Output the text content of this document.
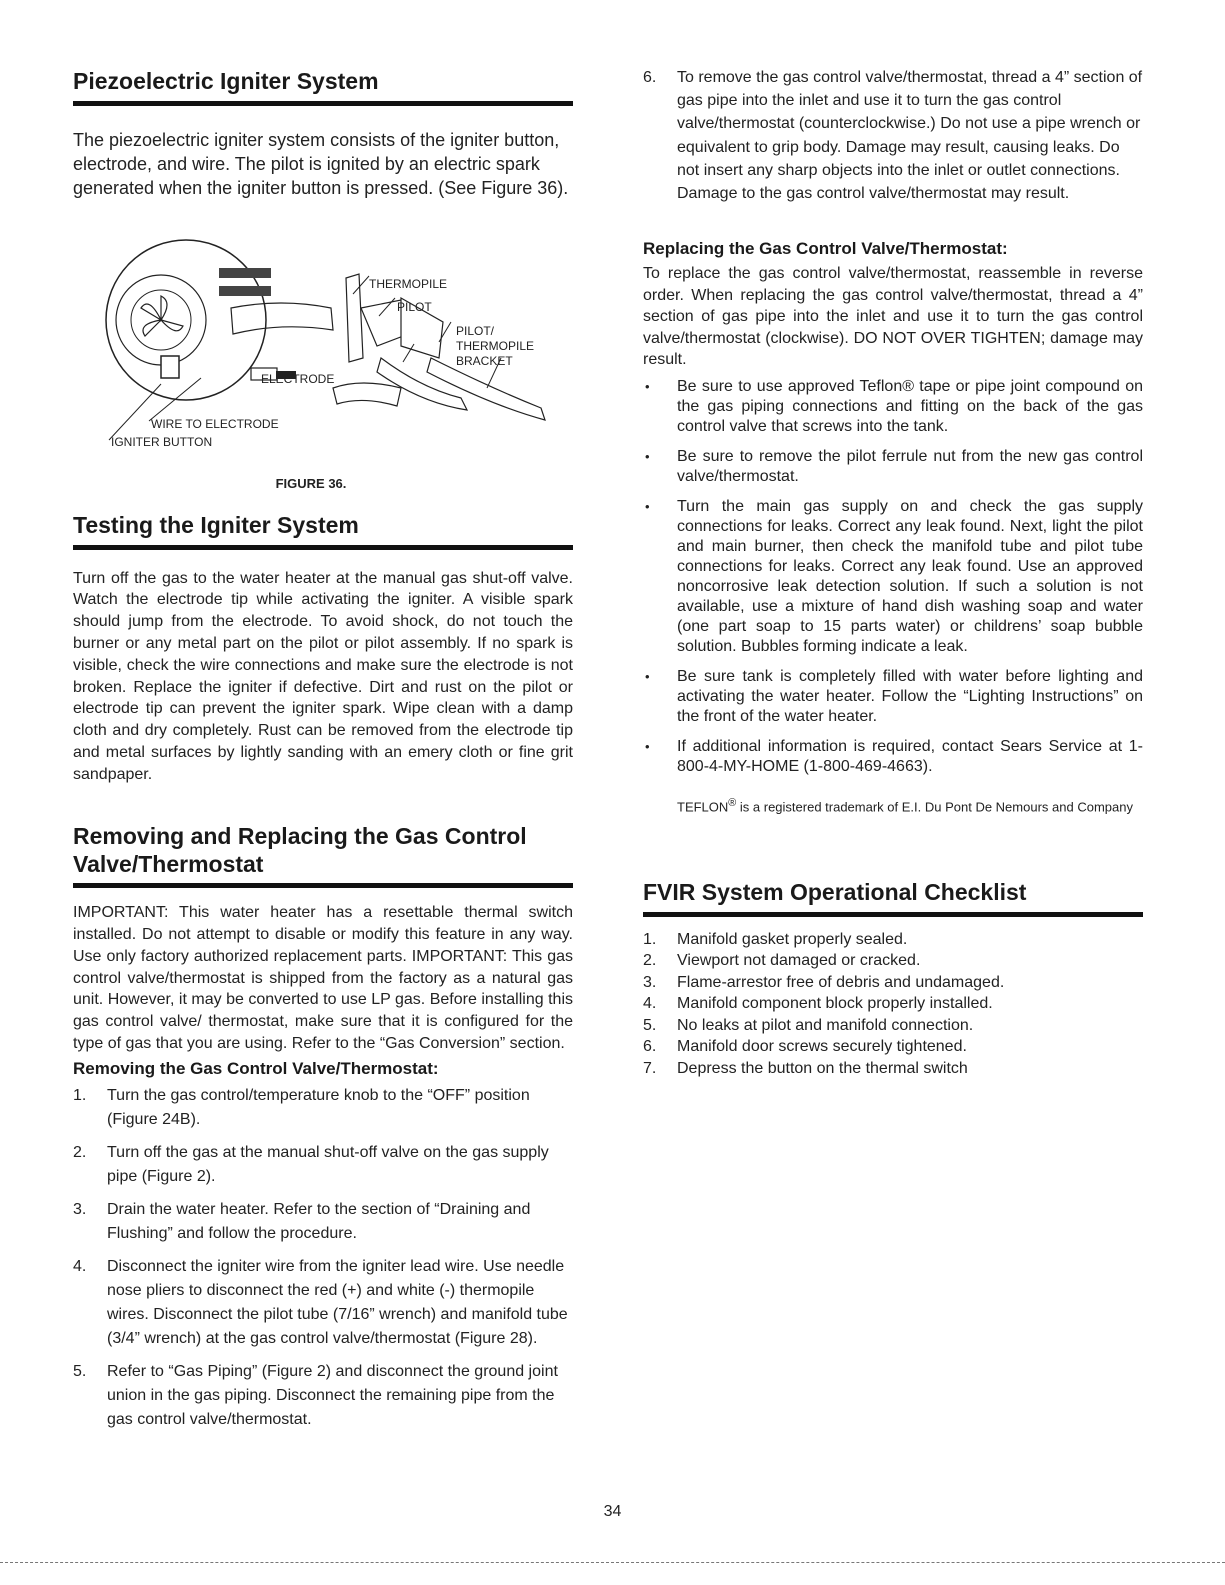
Piezoelectric Igniter System

The piezoelectric igniter system consists of the igniter button, electrode, and wire. The pilot is ignited by an electric spark generated when the igniter button is pressed. (See Figure 36).

THERMOPILE
PILOT
PILOT/
THERMOPILE
BRACKET
ELECTRODE
WIRE TO ELECTRODE
IGNITER BUTTON
FIGURE 36.
Testing the Igniter System

Turn off the gas to the water heater at the manual gas shut-off valve. Watch the electrode tip while activating the igniter. A visible spark should jump from the electrode. To avoid shock, do not touch the burner or any metal part on the pilot or pilot assembly. If no spark is visible, check the wire connections and make sure the electrode is not broken. Replace the igniter if defective. Dirt and rust on the pilot or electrode tip can prevent the igniter spark. Wipe clean with a damp cloth and dry completely. Rust can be removed from the electrode tip and metal surfaces by lightly sanding with an emery cloth or fine grit sandpaper.

Removing and Replacing the Gas Control Valve/Thermostat

IMPORTANT: This water heater has a resettable thermal switch installed. Do not attempt to disable or modify this feature in any way. Use only factory authorized replacement parts. IMPORTANT: This gas control valve/thermostat is shipped from the factory as a natural gas unit. However, it may be converted to use LP gas. Before installing this gas control valve/ thermostat, make sure that it is configured for the type of gas that you are using. Refer to the “Gas Conversion” section.

Removing the Gas Control Valve/Thermostat:
1. Turn the gas control/temperature knob to the “OFF” position (Figure 24B).
2. Turn off the gas at the manual shut-off valve on the gas supply pipe (Figure 2).
3. Drain the water heater. Refer to the section of “Draining and Flushing” and follow the procedure.
4. Disconnect the igniter wire from the igniter lead wire. Use needle nose pliers to disconnect the red (+) and white (-) thermopile wires. Disconnect the pilot tube (7/16” wrench) and manifold tube (3/4” wrench) at the gas control valve/thermostat (Figure 28).
5. Refer to “Gas Piping” (Figure 2) and disconnect the ground joint union in the gas piping. Disconnect the remaining pipe from the gas control valve/thermostat.
6. To remove the gas control valve/thermostat, thread a 4” section of gas pipe into the inlet and use it to turn the gas control valve/thermostat (counterclockwise.) Do not use a pipe wrench or equivalent to grip body. Damage may result, causing leaks. Do not insert any sharp objects into the inlet or outlet connections. Damage to the gas control valve/thermostat may result.
Replacing the Gas Control Valve/Thermostat:

To replace the gas control valve/thermostat, reassemble in reverse order. When replacing the gas control valve/thermostat, thread a 4” section of gas pipe into the inlet and use it to turn the gas control valve/thermostat (clockwise). DO NOT OVER TIGHTEN; damage may result.

• Be sure to use approved Teflon® tape or pipe joint compound on the gas piping connections and fitting on the back of the gas control valve that screws into the tank.
• Be sure to remove the pilot ferrule nut from the new gas control valve/thermostat.
• Turn the main gas supply on and check the gas supply connections for leaks. Correct any leak found. Next, light the pilot and main burner, then check the manifold tube and pilot tube connections for leaks. Correct any leak found. Use an approved noncorrosive leak detection solution. If such a solution is not available, use a mixture of hand dish washing soap and water (one part soap to 15 parts water) or childrens’ soap bubble solution. Bubbles forming indicate a leak.
• Be sure tank is completely filled with water before lighting and activating the water heater. Follow the “Lighting Instructions” on the front of the water heater.
• If additional information is required, contact Sears Service at 1-800-4-MY-HOME (1-800-469-4663).

TEFLON® is a registered trademark of E.I. Du Pont De Nemours and Company

FVIR System Operational Checklist
1. Manifold gasket properly sealed.
2. Viewport not damaged or cracked.
3. Flame-arrestor free of debris and undamaged.
4. Manifold component block properly installed.
5. No leaks at pilot and manifold connection.
6. Manifold door screws securely tightened.
7. Depress the button on the thermal switch
34
